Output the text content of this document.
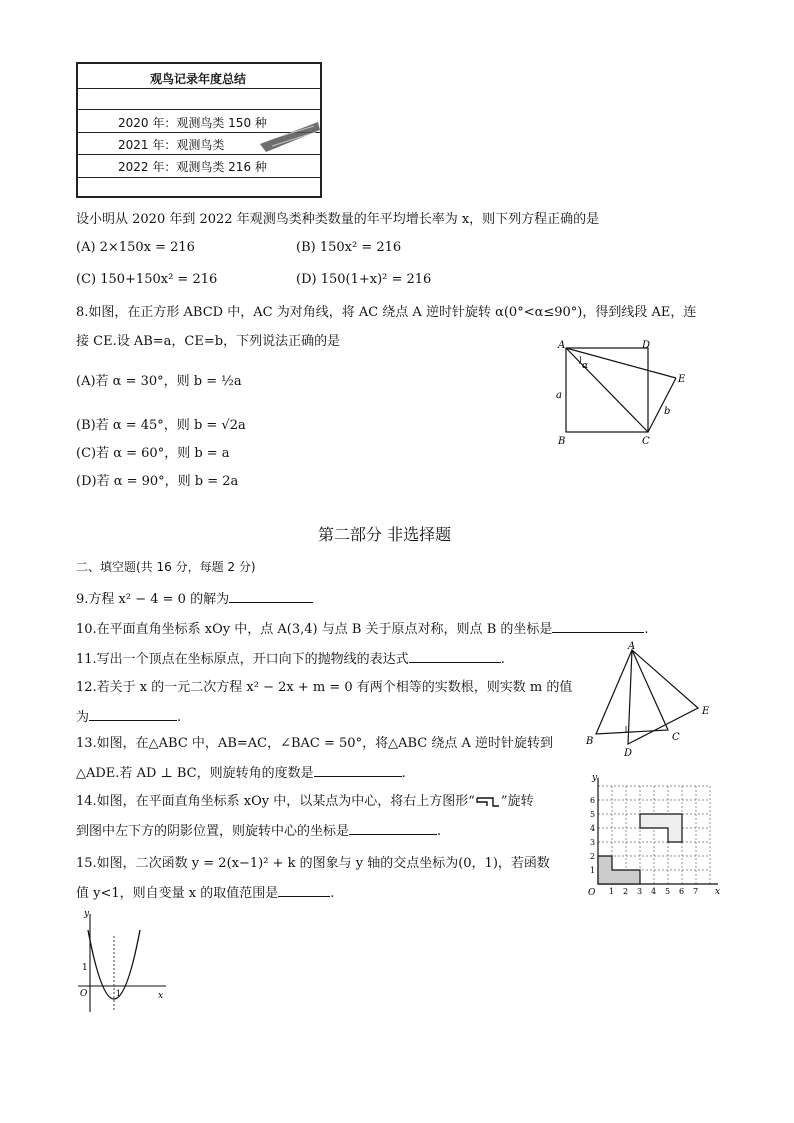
观鸟记录年度总结
2020 年：观测鸟类 150 种
2021 年：观测鸟类
2022 年：观测鸟类 216 种
设小明从 2020 年到 2022 年观测鸟类种类数量的年平均增长率为 x，则下列方程正确的是
(A) 2×150x = 216	(B) 150x² = 216
(C) 150+150x² = 216	(D) 150(1+x)² = 216
8.如图，在正方形 ABCD 中，AC 为对角线，将 AC 绕点 A 逆时针旋转 α(0°<α≤90°)，得到线段 AE，连
接 CE.设 AB=a，CE=b，下列说法正确的是
(A)若 α = 30°，则 b = ½a
(B)若 α = 45°，则 b = √2a
(C)若 α = 60°，则 b = a
(D)若 α = 90°，则 b = 2a
A	D
B	C
E
a
b
α
第二部分 非选择题
二、填空题(共 16 分，每题 2 分)
9.方程 x² − 4 = 0 的解为
10.在平面直角坐标系 xOy 中，点 A(3,4) 与点 B 关于原点对称，则点 B 的坐标是	.
11.写出一个顶点在坐标原点，开口向下的抛物线的表达式	.
12.若关于 x 的一元二次方程 x² − 2x + m = 0 有两个相等的实数根，则实数 m 的值
为	.
13.如图，在△ABC 中，AB=AC，∠BAC = 50°，将△ABC 绕点 A 逆时针旋转到
△ADE.若 AD ⊥ BC，则旋转角的度数是	.
A
B	C
D
E
14.如图，在平面直角坐标系 xOy 中，以某点为中心，将右上方图形“ ”旋转
到图中左下方的阴影位置，则旋转中心的坐标是	.
O	x
y
1 2 3 4 5 6 7
1
2
3
4
5
6
15.如图，二次函数 y = 2(x−1)² + k 的图象与 y 轴的交点坐标为(0，1)，若函数
值 y<1，则自变量 x 的取值范围是	.
1
1
O	x
y
